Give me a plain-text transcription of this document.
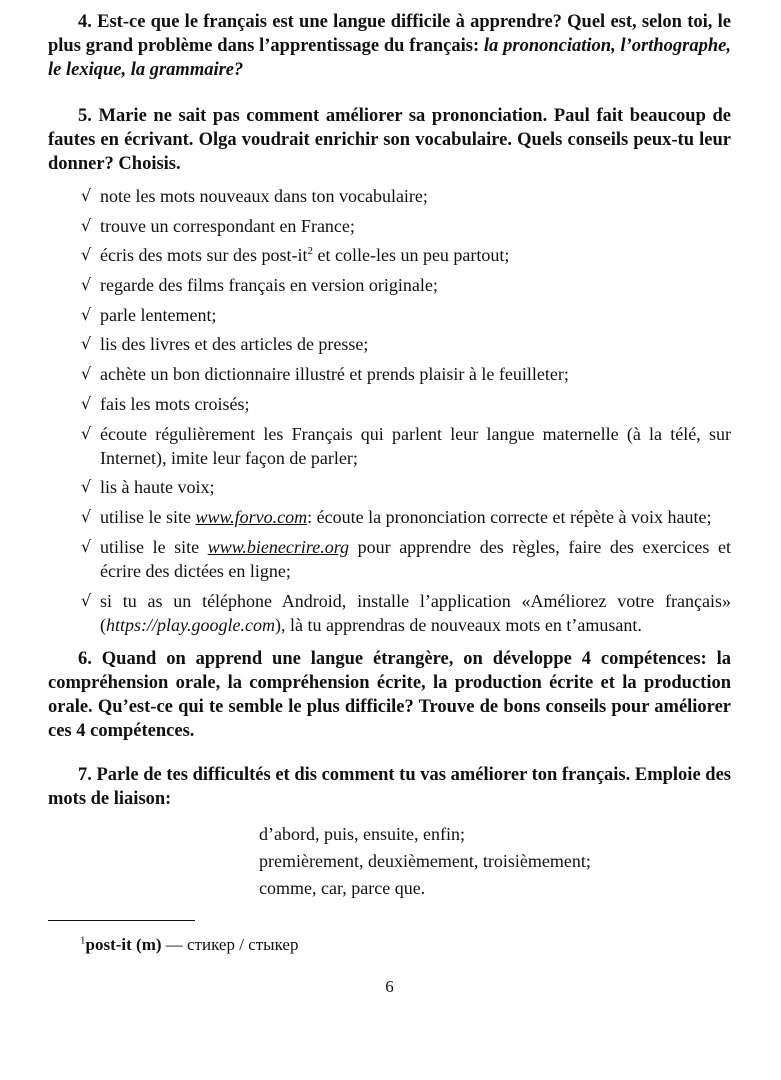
4. Est-ce que le français est une langue difficile à apprendre? Quel est, selon toi, le plus grand problème dans l’apprentissage du français: la prononciation, l’orthographe, le lexique, la grammaire?

5. Marie ne sait pas comment améliorer sa prononciation. Paul fait beaucoup de fautes en écrivant. Olga voudrait enrichir son vocabulaire. Quels conseils peux-tu leur donner? Choisis.

√ note les mots nouveaux dans ton vocabulaire;
√ trouve un correspondant en France;
√ écris des mots sur des post-$it^2$ et colle-les un peu partout;
√ regarde des films français en version originale;
√ parle lentement;
√ lis des livres et des articles de presse;
√ achète un bon dictionnaire illustré et prends plaisir à le feuilleter;
√ fais les mots croisés;
√ écoute régulièrement les Français qui parlent leur langue maternelle (à la télé, sur Internet), imite leur façon de parler;
√ lis à haute voix;
√ utilise le site www.forvo.com: écoute la prononciation correcte et répète à voix haute;
√ utilise le site www.bienecrire.org pour apprendre des règles, faire des exercices et écrire des dictées en ligne;
√ si tu as un téléphone Android, installe l’application «Améliorez votre français» (https://play.google.com), là tu apprendras de nouveaux mots en t’amusant.

6. Quand on apprend une langue étrangère, on développe 4 compétences: la compréhension orale, la compréhension écrite, la production écrite et la production orale. Qu’est-ce qui te semble le plus difficile? Trouve de bons conseils pour améliorer ces 4 compétences.

7. Parle de tes difficultés et dis comment tu vas améliorer ton français. Emploie des mots de liaison:

d’abord, puis, ensuite, enfin;
premièrement, deuxièmement, troisièmement;
comme, car, parce que.
$^1$post-it (m) — стикер / стыкер
6
